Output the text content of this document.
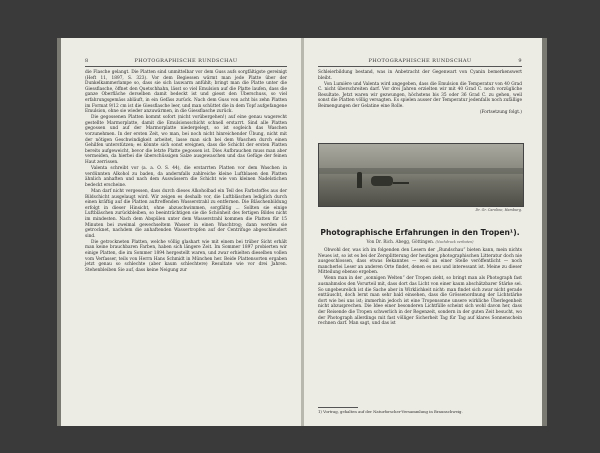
8	PHOTOGRAPHISCHE RUNDSCHAU

die Flasche gelangt. Die Platten sind unmittelbar vor dem Guss aufs sorgfältigste gereinigt (Heft 11, 1897, S. 323). Vor dem Begiessen wärmt man jede Platte über der Dunkelkammerlampe so, dass sie sich lauwarm anfühlt; bringt man die Platte unter die Giessflasche, öffnet den Quetschhahn, lässt so viel Emulsion auf die Platte laufen, dass die ganze Oberfläche derselben damit bedeckt ist und giesst den Überschuss, so viel erfahrungsgemäss abläuft, in ein Gefäss zurück. Nach dem Guss von acht bis zehn Platten im Format 9/12 cm ist die Giessflasche leer, und man schüttet die in dem Topf aufgefangene Emulsion, ohne sie wieder anzuwärmen, in die Giessflasche zurück.

Die gegossenen Platten kommt sofort (nicht vorübergehen!) auf eine genau wagerecht gestellte Marmorplatte, damit die Emulsionsschicht schnell erstarrt. Sind alle Platten gegossen und auf der Marmorplatte niedergelegt, so ist sogleich das Waschen vorzunehmen. In der ersten Zeit, wo man, bei noch nicht hinreichender Übung, nicht mit der nötigen Geschwindigkeit arbeitet, lasse man sich bei dem Waschen durch einen Gehilfen unterstützen; es könnte sich sonst ereignen, dass die Schicht der ersten Platten bereits aufgeweicht, bevor die letzte Platte gegossen ist. Dies Aufbrauchen muss man aber vermeiden, da hierbei die überschüssigen Salze ausgewaschen und das Gefüge der feinen Haut zerrissen.

Valenta schreibt vor (a. a. O. S. 44), die erstarrten Platten vor dem Waschen in verdünnten Alkohol zu baden, da andernfalls zahlreiche kleine Luftblasen den Platten ähnlich anhaften und nach dem Auswässern die Schicht wie von kleinen Nadelstichen bedeckt erscheine.

Man darf nicht vergessen, dass durch dieses Alkoholbad ein Teil des Farbstoffes aus der Bildschicht ausgelaugt wird. Wir zeigen es deshalb vor, die Luftbläschen lediglich durch einen kräftig auf die Platten auftreffenden Wasserstrahl zu entfernen. Die Bläschenbildung erfolgt in dieser Hinsicht, ohne abzuschwimmen, sorgfältig ... Sollten sie einige Luftbläschen zurückbleiben, so beeinträchtigen sie die Schönheit des fertigen Bildes nicht im mindesten. Nach dem Abspülen unter dem Wasserstrahl kommen die Platten für 15 Minuten bei zweimal gewechseltem Wasser in einen Waschtrog; dann werden sie getrocknet, nachdem die anhaftenden Wassertropfen auf der Centrifuge abgeschleudert sind.

Die getrockneten Platten, welche völlig glashart wie mit einem bei trüber Sicht erhält man keine brauchbaren Farben, haben sich längere Zeit. Im Sommer 1897 probierten wir einige Platten, die im Sommer 1894 hergestellt waren, und zwar erhielten dieselben vollen vom Verfasser, teils von Herrn Hans Schmidt in München her. Beide Plattensorten ergaben jetzt genau so schlechte (aber kaum schlechtere) Resultate wie vor drei Jahren. Stehenbleiben Sie auf, dass keine Neigung zur

PHOTOGRAPHISCHE RUNDSCHAU	9

Schleierbildung bestand, was in Anbetracht der Gegenwart von Cyanin bemerkenswert bleibt.

Von Lumière und Valenta wird angegeben, dass die Emulsion die Temperatur von 40 Grad C. nicht überschreiten darf. Vor drei Jahren erzielten wir mit 40 Grad C. noch vorzügliche Resultate. Jetzt waren wir gezwungen, höchstens bis 35 oder 36 Grad C. zu gehen, weil sonst die Platten völlig versagten. Es spielen ausser der Temperatur jedenfalls noch zufällige Beimengungen der Gelatine eine Rolle.

(Fortsetzung folgt.)

Dr. Gr. Caroline, Hamburg.
Photographische Erfahrungen in den Tropen¹).
Von Dr. Rich. Abegg, Göttingen. (Nachdruck verboten)

Obwohl der, was ich im folgenden den Lesern der „Rundschau“ bieten kann, mein nichts Neues ist, so ist es bei der Zersplitterung der heutigen photographischen Litteratur doch nie ausgeschlossen, dass etwas Bekanntes — weil an einer Stelle veröffentlicht — noch mancherlei Leser an anderen Orte findet, denen es neu und interessant ist. Meine zu dieser Mitteilung ebenso ergeben.

Wenn man in der „sonnigen Welten“ der Tropen zieht, so bringt man als Photograph fast ausnahmslos den Vorurteil mit, dass dort das Licht von einer kaum abschätzbarer Stärke sei. So ungebeurelich ist die Sache aber in Wirklichkeit nicht: man findet sich zwar nicht gerade enttäuscht, doch lernt man sehr bald einsehen, dass die Grössenordnung der Lichtstärke dort wie bei uns ist; immerhin jedoch ist eine Tropensonne unsere wirkliche Überlegenheit nicht abzusprechen. Die Idee einer besonderen Lichtfülle scheint sich wohl davon her, dass der Reisende die Tropen schwerlich in der Regenzeit, sondern in der guten Zeit besucht, wo der Photograph allerdings mit fast völliger Sicherheit Tag für Tag auf klares Sonnenschein rechnen darf. Man sagt, und das ist

1) Vortrag, gehalten auf der Naturforscher-Versammlung in Braunschweig.
